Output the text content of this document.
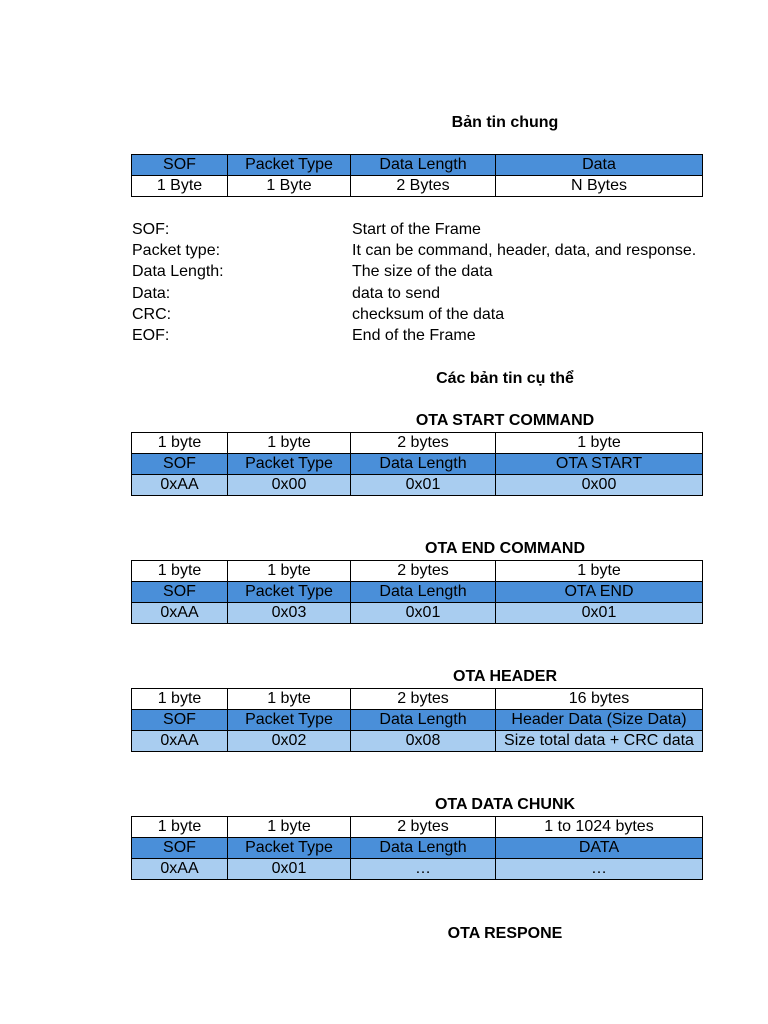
Bản tin chung
SOF	Packet Type	Data Length	Data
1 Byte	1 Byte	2 Bytes	N Bytes
SOF:	Start of the Frame
Packet type:	It can be command, header, data, and response.
Data Length:	The size of the data
Data:	data to send
CRC:	checksum of the data
EOF:	End of the Frame
Các bản tin cụ thể
OTA START COMMAND
1 byte	1 byte	2 bytes	1 byte
SOF	Packet Type	Data Length	OTA START
0xAA	0x00	0x01	0x00
OTA END COMMAND
1 byte	1 byte	2 bytes	1 byte
SOF	Packet Type	Data Length	OTA END
0xAA	0x03	0x01	0x01
OTA HEADER
1 byte	1 byte	2 bytes	16 bytes
SOF	Packet Type	Data Length	Header Data (Size Data)
0xAA	0x02	0x08	Size total data + CRC data
OTA DATA CHUNK
1 byte	1 byte	2 bytes	1 to 1024 bytes
SOF	Packet Type	Data Length	DATA
0xAA	0x01	…	…
OTA RESPONE
